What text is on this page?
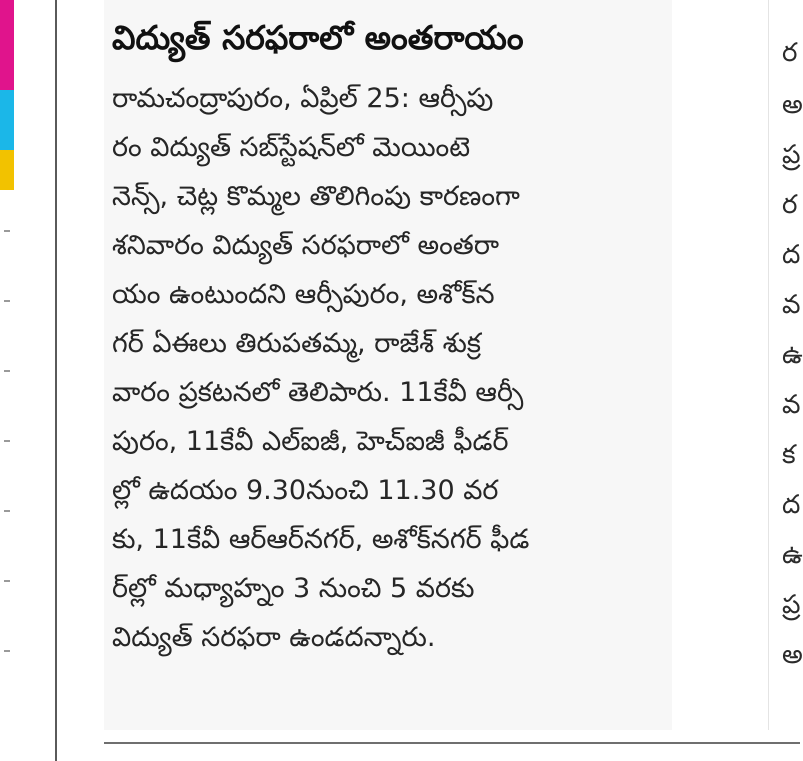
విద్యుత్ సరఫరాలో అంతరాయం
రామచంద్రాపురం, ఏప్రిల్ 25: ఆర్సీపు
రం విద్యుత్ సబ్‌స్టేషన్‌లో మెయింటె
నెన్స్, చెట్ల కొమ్మల తొలిగింపు కారణంగా
శనివారం విద్యుత్ సరఫరాలో అంతరా
యం ఉంటుందని ఆర్సీపురం, అశోక్‌న
గర్ ఏఈలు తిరుపతమ్మ, రాజేశ్ శుక్ర
వారం ప్రకటనలో తెలిపారు. 11కేవీ ఆర్సీ
పురం, 11కేవీ ఎల్‌ఐజీ, హెచ్‌ఐజీ ఫీడర్
ల్లో ఉదయం 9.30నుంచి 11.30 వర
కు, 11కేవీ ఆర్‌ఆర్‌నగర్, అశోక్‌నగర్ ఫీడ
ర్‌ల్లో మధ్యాహ్నం 3 నుంచి 5 వరకు
విద్యుత్ సరఫరా ఉండదన్నారు.
ర
అ
ప్ర
ర
ద
వ
ఉ
వ
క
ద
ఉ
ప్ర
అ
